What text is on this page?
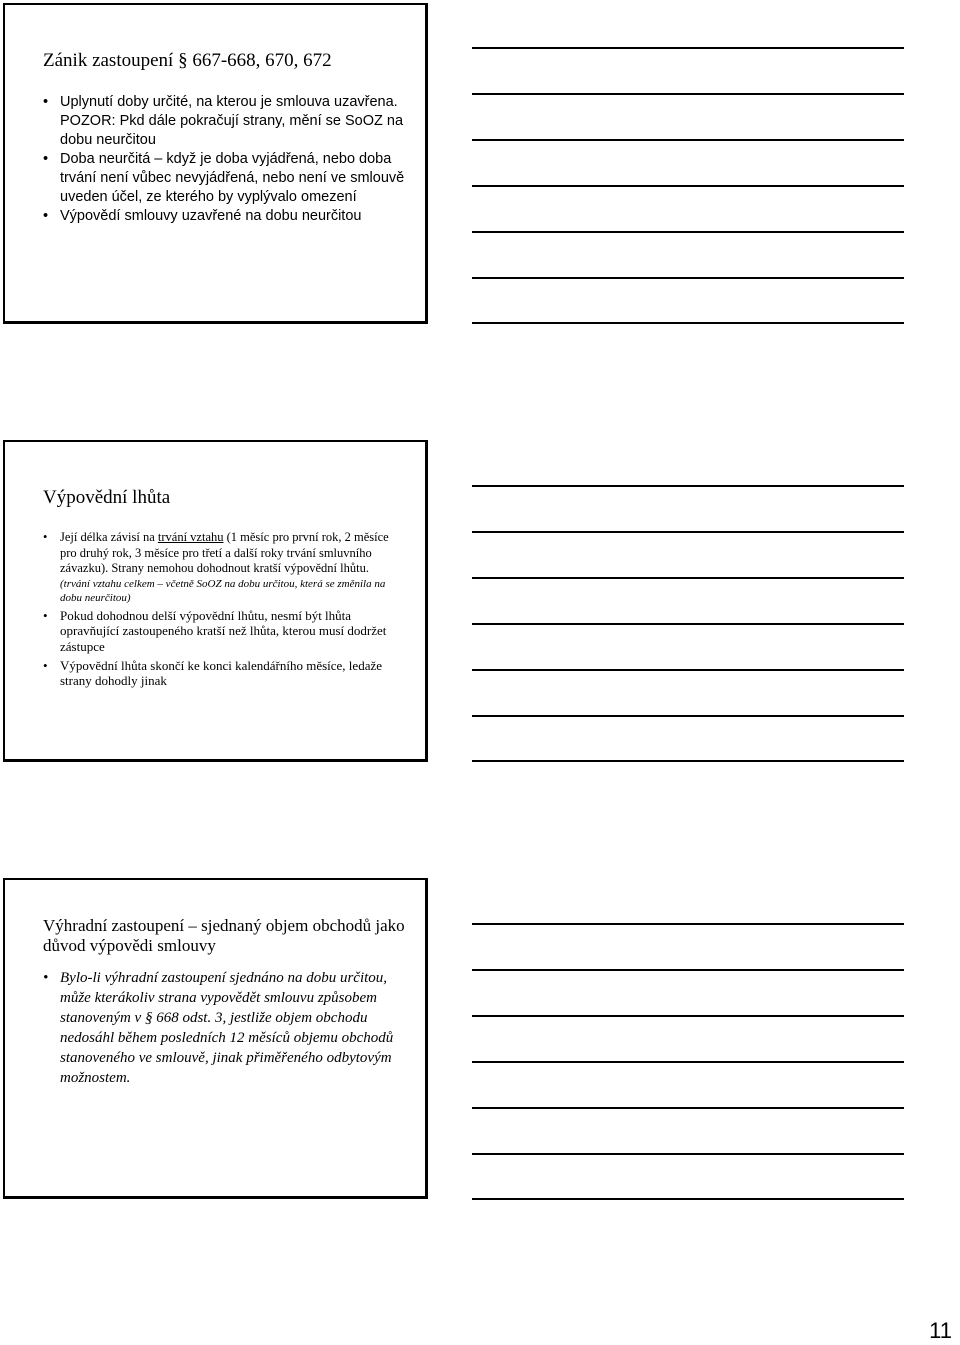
Zánik zastoupení § 667-668, 670, 672
• Uplynutí doby určité, na kterou je smlouva uzavřena. POZOR: Pkd dále pokračují strany, mění se SoOZ na dobu neurčitou
• Doba neurčitá – když je doba vyjádřená, nebo doba trvání není vůbec nevyjádřená, nebo není ve smlouvě uveden účel, ze kterého by vyplývalo omezení
• Výpovědí smlouvy uzavřené na dobu neurčitou
Výpovědní lhůta
• Její délka závisí na trvání vztahu (1 měsíc pro první rok, 2 měsíce pro druhý rok, 3 měsíce pro třetí a další roky trvání smluvního závazku). Strany nemohou dohodnout kratší výpovědní lhůtu.
(trvání vztahu celkem – včetně SoOZ na dobu určitou, která se změnila na dobu neurčitou)
• Pokud dohodnou delší výpovědní lhůtu, nesmí být lhůta opravňující zastoupeného kratší než lhůta, kterou musí dodržet zástupce
• Výpovědní lhůta skončí ke konci kalendářního měsíce, ledaže strany dohodly jinak
Výhradní zastoupení – sjednaný objem obchodů jako důvod výpovědi smlouvy
• Bylo-li výhradní zastoupení sjednáno na dobu určitou, může kterákoliv strana vypovědět smlouvu způsobem stanoveným v § 668 odst. 3, jestliže objem obchodu nedosáhl během posledních 12 měsíců objemu obchodů stanoveného ve smlouvě, jinak přiměřeného odbytovým možnostem.
11
